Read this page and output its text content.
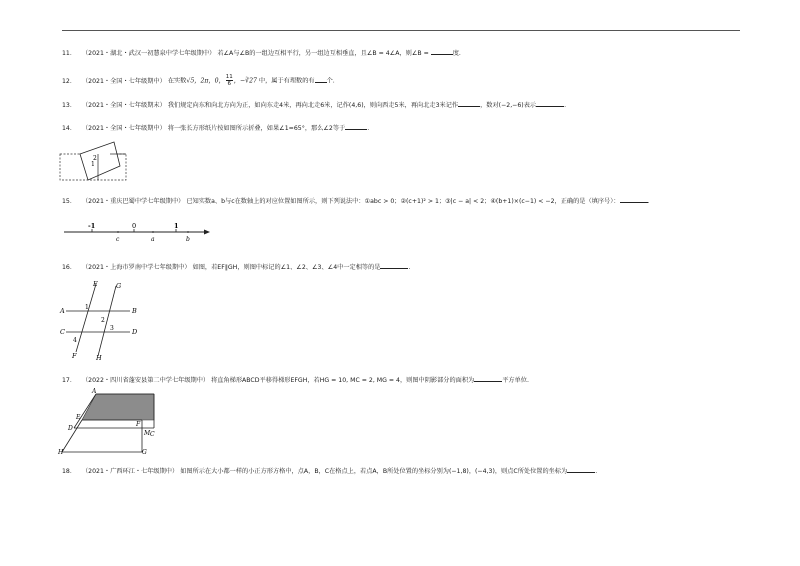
11． （2021・湖北・武汉一初慧泉中学七年级期中） 若∠A与∠B的一组边互相平行，另一组边互相垂直，且∠B = 4∠A，则∠B =	度.
12． （2021・全国・七年级期中） 在实数√5，2π，0， $\frac{11}{6}$ ，−∛27 中，属于有理数的有 个.
13． （2021・全国・七年级期末） 我们规定向东和向北方向为正，如向东走4米，再向北走6米，记作(4,6)，则向西走5米，再向北走3米记作	，数对(−2,−6)表示	.
14． （2021・全国・七年级期中） 将一张长方形纸片按如图所示折叠，如果∠1=65°，那么∠2等于	.
1
2
15． （2021・重庆巴蜀中学七年级期中） 已知实数a、b与c在数轴上的对应位置如图所示，则下列说法中：①abc > 0；②(c+1)² > 1；③|c − a| < 2；④(b+1)×(c−1) < −2，正确的是（填序号）：	.
-1	0	1
c	a	b
16． （2021・上海市罗南中学七年级期中） 如图，若EF∥GH，则图中标记的∠1、∠2、∠3、∠4中一定相等的是	.
E	G
A	B
C	D
F	H
1
2
3
4
17． （2022・四川省蓬安县第二中学七年级期中） 将直角梯形ABCD平移得梯形EFGH，若HG = 10, MC = 2, MG = 4，则图中阴影部分的面积为	平方单位.
A
E
D
F
M C
H	G
18． （2021・广西环江・七年级期中） 如图所示在大小都一样的小正方形方格中，点A，B，C在格点上，若点A，B所处位置的坐标分别为(−1,8)，(−4,3)，则点C所处位置的坐标为	.
